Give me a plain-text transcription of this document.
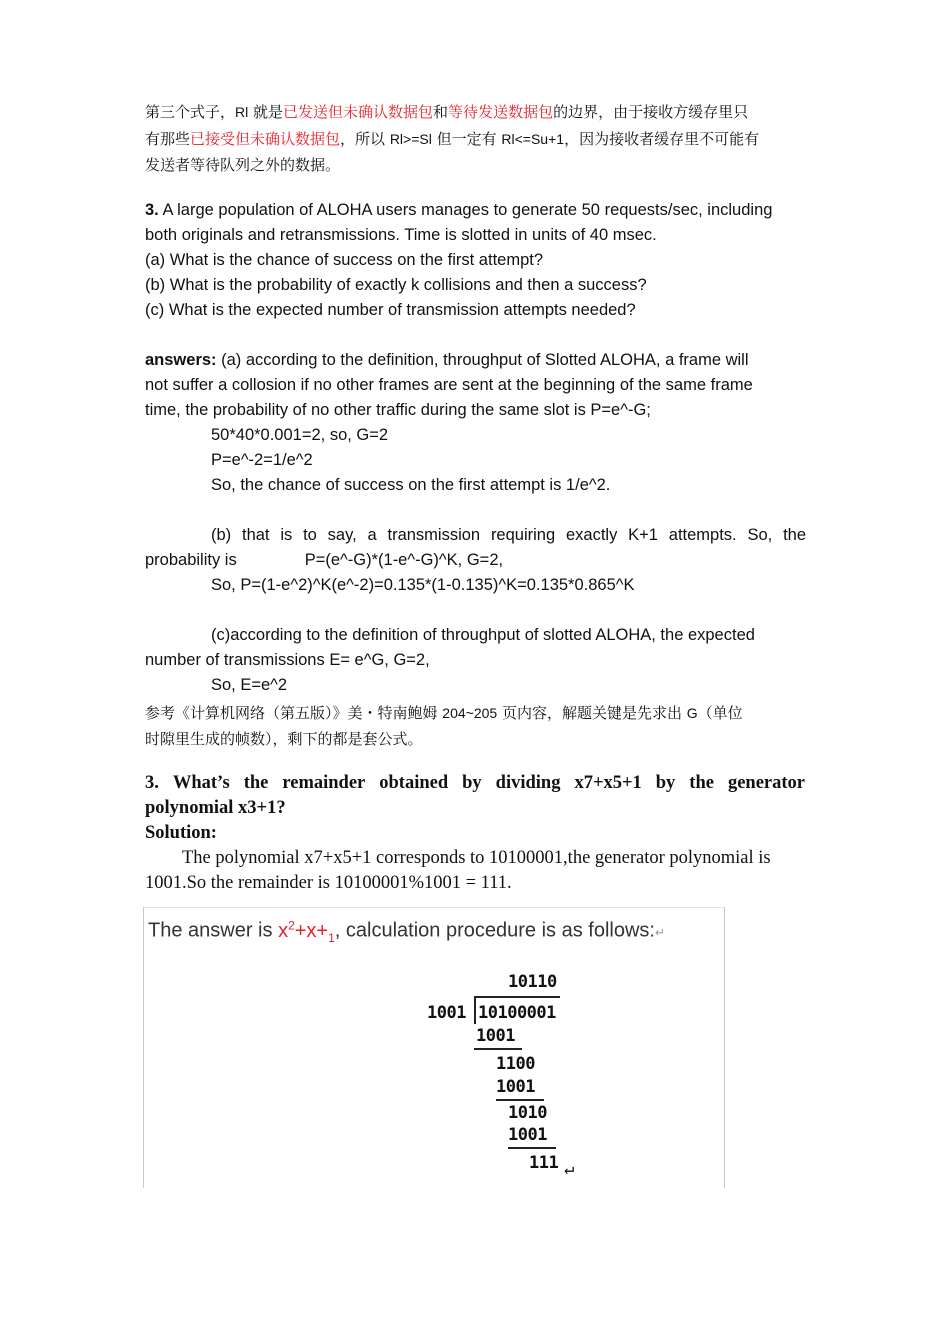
第三个式子，Rl 就是已发送但未确认数据包和等待发送数据包的边界，由于接收方缓存里只
有那些已接受但未确认数据包，所以 Rl>=Sl 但一定有 Rl<=Su+1，因为接收者缓存里不可能有
发送者等待队列之外的数据。
3. A large population of ALOHA users manages to generate 50 requests/sec, including
both originals and retransmissions. Time is slotted in units of 40 msec.
(a) What is the chance of success on the first attempt?
(b) What is the probability of exactly k collisions and then a success?
(c) What is the expected number of transmission attempts needed?
answers: (a) according to the definition, throughput of Slotted ALOHA, a frame will
not suffer a collosion if no other frames are sent at the beginning of the same frame
time, the probability of no other traffic during the same slot is P=e^-G;
50*40*0.001=2, so, G=2
P=e^-2=1/e^2
So, the chance of success on the first attempt is 1/e^2.
(b) that is to say, a transmission requiring exactly K+1 attempts. So, the
probability is	P=(e^-G)*(1-e^-G)^K, G=2,
So, P=(1-e^2)^K(e^-2)=0.135*(1-0.135)^K=0.135*0.865^K
(c)according to the definition of throughput of slotted ALOHA, the expected
number of transmissions E= e^G, G=2,
So, E=e^2
参考《计算机网络（第五版）》美・特南鲍姆 204~205 页内容，解题关键是先求出 G（单位
时隙里生成的帧数），剩下的都是套公式。
3. What’s the remainder obtained by dividing x7+x5+1 by the generator
polynomial x3+1?
Solution:
The polynomial x7+x5+1 corresponds to 10100001,the generator polynomial is
1001.So the remainder is 10100001%1001 = 111.
The answer is $x^2+x+_1$, calculation procedure is as follows:↵
10110
1001 10100001
1001
1100
1001
1010
1001
111 ↵
